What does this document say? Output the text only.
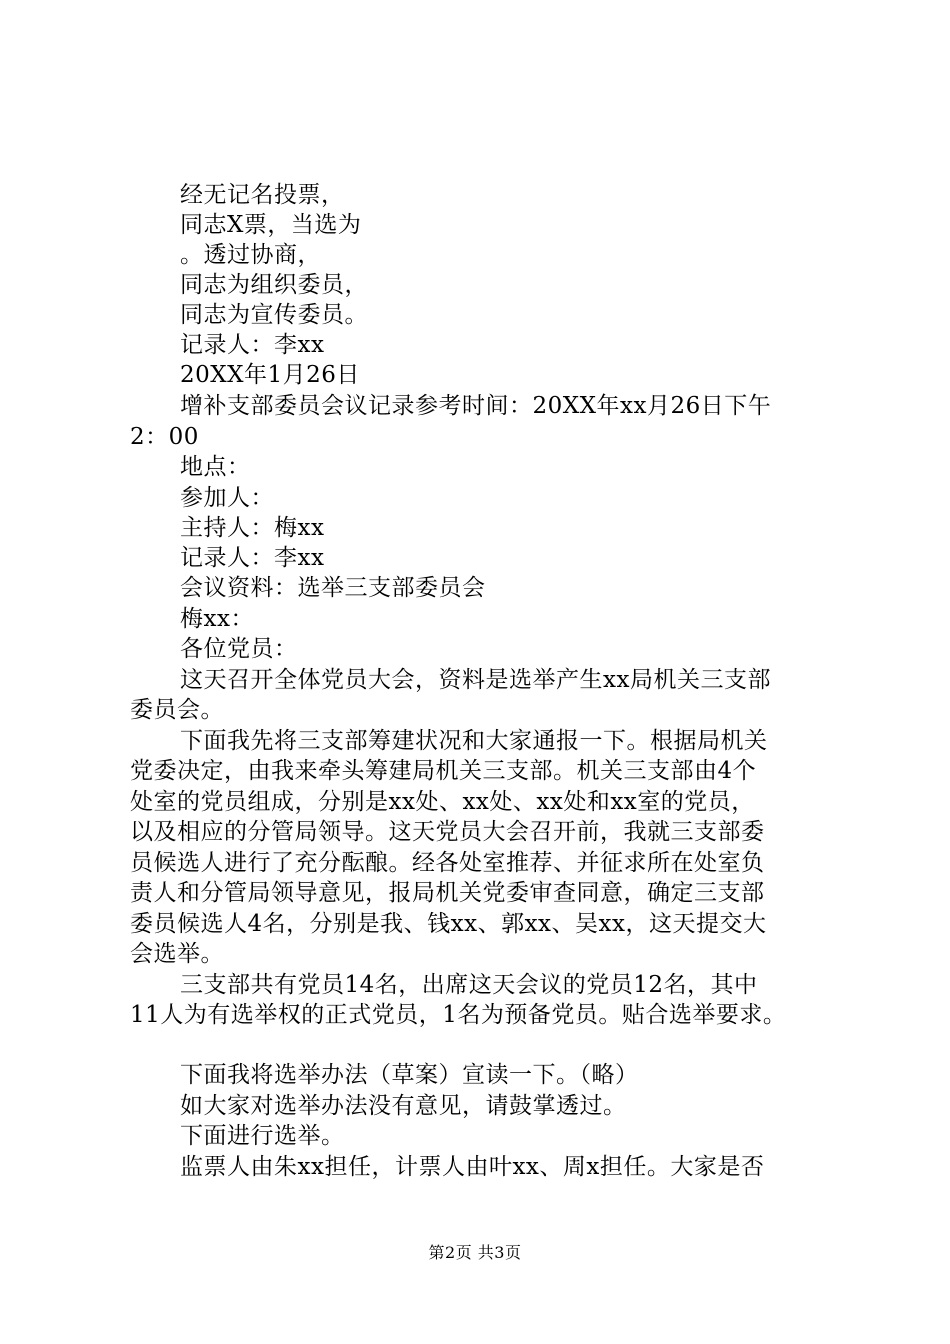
经无记名投票，
同志X票，当选为
。透过协商，
同志为组织委员，
同志为宣传委员。
记录人：李xx
20XX年1月26日
增补支部委员会议记录参考时间：20XX年xx月26日下午
2：00
地点：
参加人：
主持人：梅xx
记录人：李xx
会议资料：选举三支部委员会
梅xx：
各位党员：
这天召开全体党员大会，资料是选举产生xx局机关三支部
委员会。
下面我先将三支部筹建状况和大家通报一下。根据局机关
党委决定，由我来牵头筹建局机关三支部。机关三支部由4个
处室的党员组成，分别是xx处、xx处、xx处和xx室的党员，
以及相应的分管局领导。这天党员大会召开前，我就三支部委
员候选人进行了充分酝酿。经各处室推荐、并征求所在处室负
责人和分管局领导意见，报局机关党委审查同意，确定三支部
委员候选人4名，分别是我、钱xx、郭xx、吴xx，这天提交大
会选举。
三支部共有党员14名，出席这天会议的党员12名，其中
11人为有选举权的正式党员，1名为预备党员。贴合选举要求。
下面我将选举办法（草案）宣读一下。（略）
如大家对选举办法没有意见，请鼓掌透过。
下面进行选举。
监票人由朱xx担任，计票人由叶xx、周x担任。大家是否
第2页 共3页
